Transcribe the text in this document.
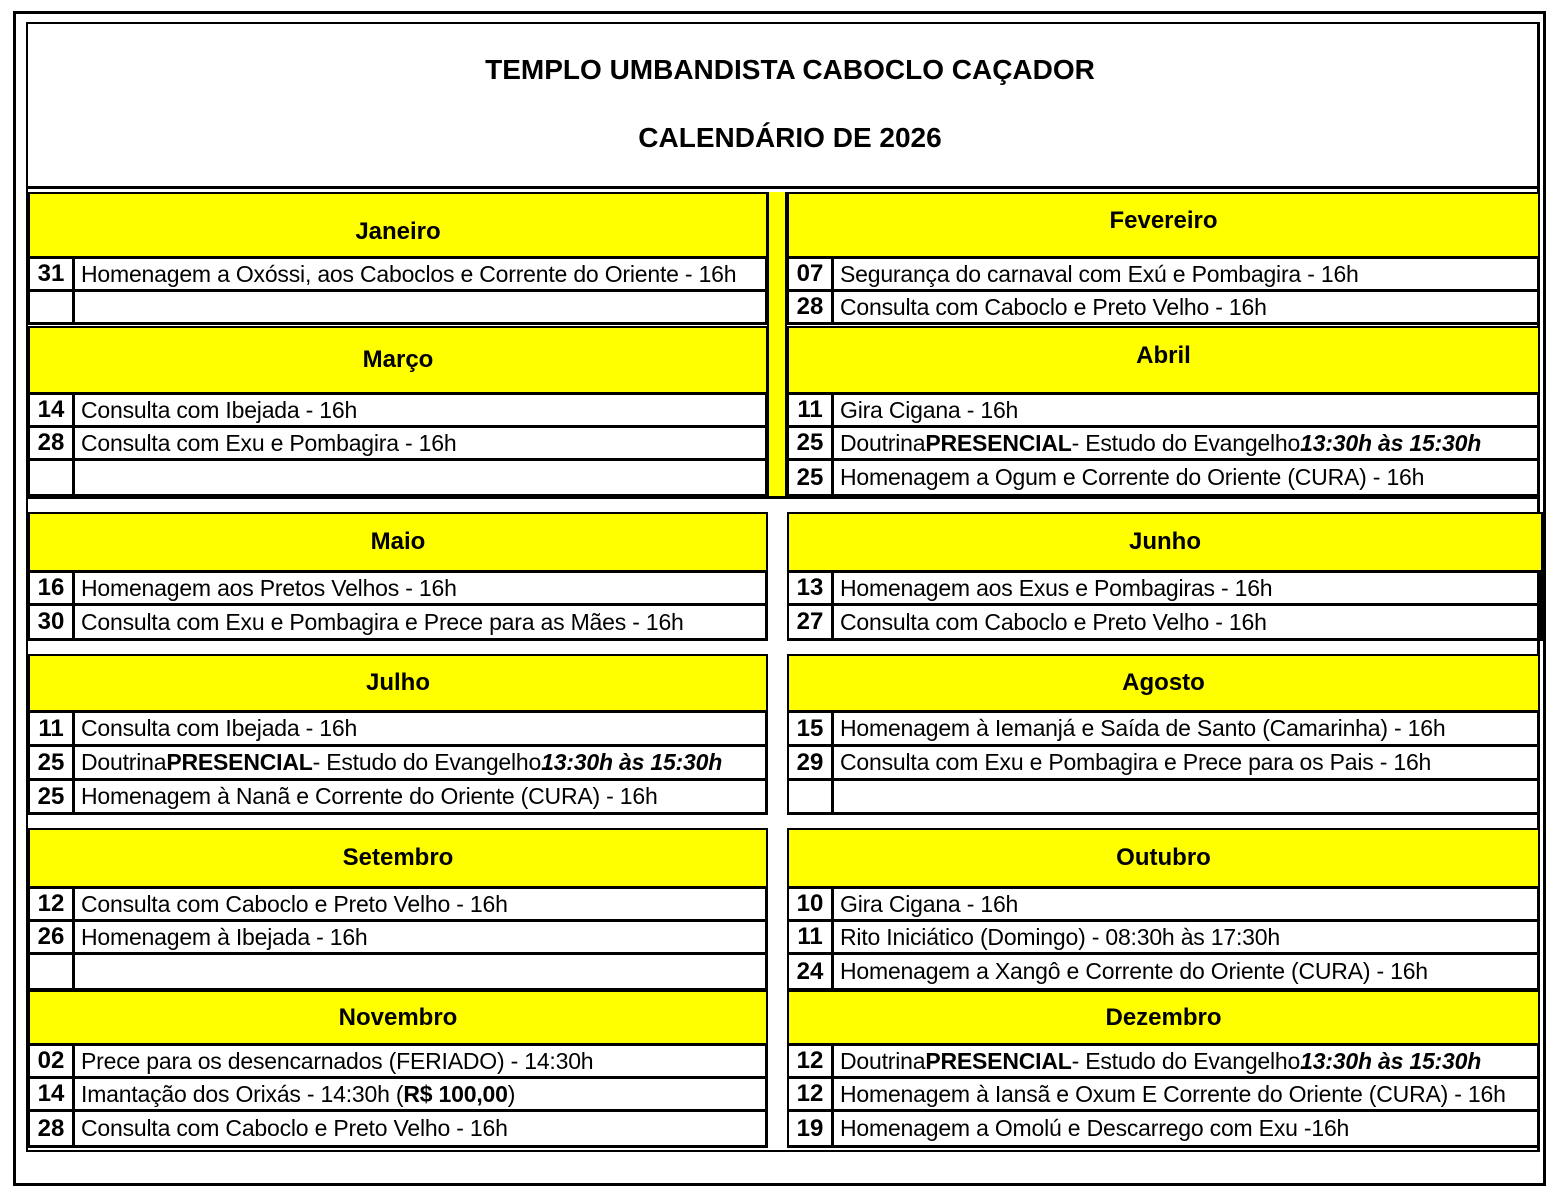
TEMPLO UMBANDISTA CABOCLO CAÇADOR
CALENDÁRIO DE 2026
Janeiro
31 Homenagem a Oxóssi, aos Caboclos e Corrente do Oriente - 16h
Fevereiro
07 Segurança do carnaval com Exú e Pombagira - 16h
28 Consulta com Caboclo e Preto Velho - 16h
Março
14 Consulta com Ibejada - 16h
28 Consulta com Exu e Pombagira - 16h
Abril
11 Gira Cigana - 16h
25 Doutrina PRESENCIAL - Estudo do Evangelho 13:30h às 15:30h
25 Homenagem a Ogum e Corrente do Oriente (CURA) - 16h
Maio
16 Homenagem aos Pretos Velhos - 16h
30 Consulta com Exu e Pombagira e Prece para as Mães - 16h
Junho
13 Homenagem aos Exus e Pombagiras - 16h
27 Consulta com Caboclo e Preto Velho - 16h
Julho
11 Consulta com Ibejada - 16h
25 Doutrina PRESENCIAL - Estudo do Evangelho 13:30h às 15:30h
25 Homenagem à Nanã e Corrente do Oriente (CURA) - 16h
Agosto
15 Homenagem à Iemanjá e Saída de Santo (Camarinha) - 16h
29 Consulta com Exu e Pombagira e Prece para os Pais - 16h
Setembro
12 Consulta com Caboclo e Preto Velho - 16h
26 Homenagem à Ibejada - 16h
Outubro
10 Gira Cigana - 16h
11 Rito Iniciático (Domingo) - 08:30h às 17:30h
24 Homenagem a Xangô e Corrente do Oriente (CURA) - 16h
Novembro
02 Prece para os desencarnados (FERIADO) - 14:30h
14 Imantação dos Orixás - 14:30h ( R$ 100,00 )
28 Consulta com Caboclo e Preto Velho - 16h
Dezembro
12 Doutrina PRESENCIAL - Estudo do Evangelho 13:30h às 15:30h
12 Homenagem à Iansã e Oxum E Corrente do Oriente (CURA) - 16h
19 Homenagem a Omolú e Descarrego com Exu -16h
